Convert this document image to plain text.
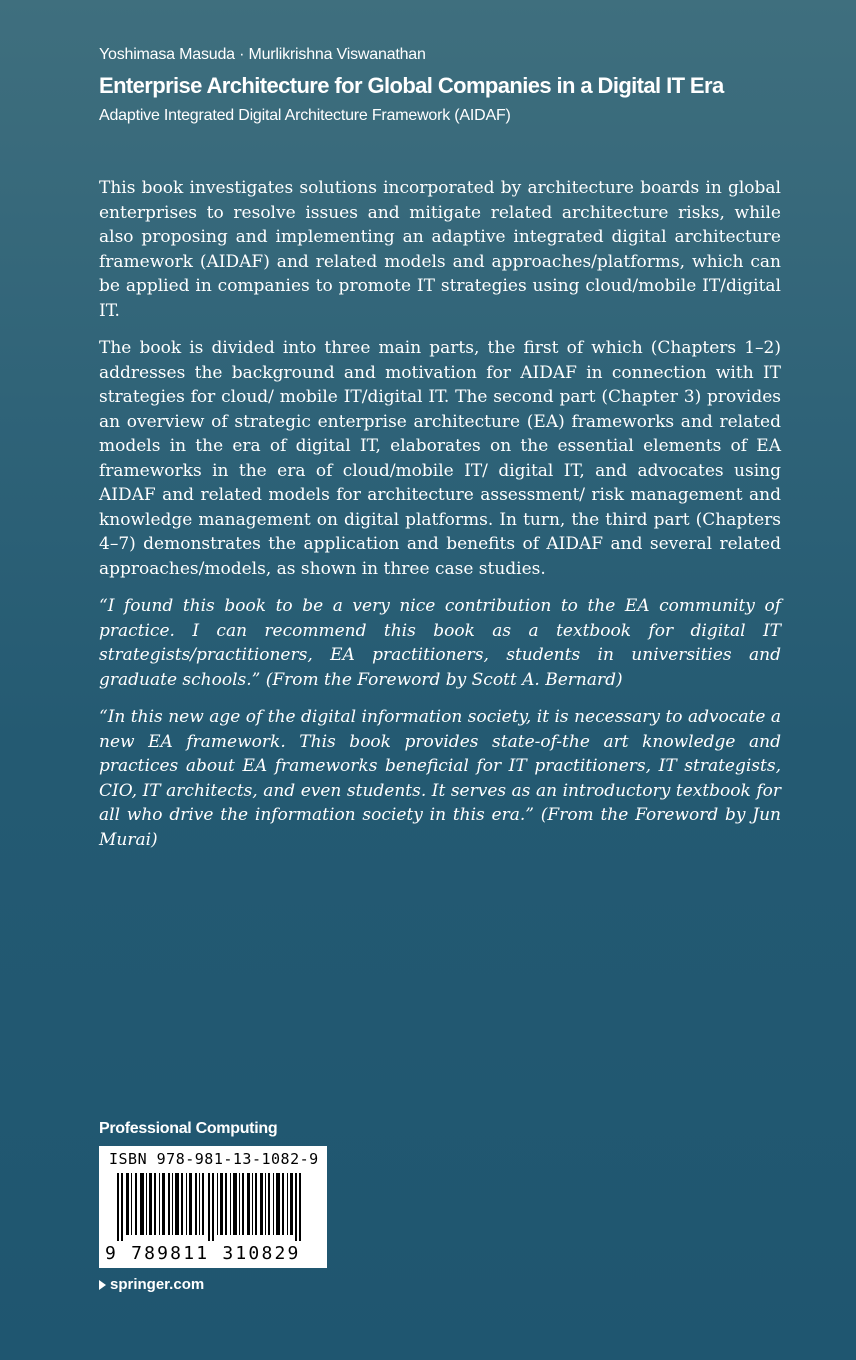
Yoshimasa Masuda · Murlikrishna Viswanathan
Enterprise Architecture for Global Companies in a Digital IT Era
Adaptive Integrated Digital Architecture Framework (AIDAF)

This book investigates solutions incorporated by architecture boards in global enterprises to resolve issues and mitigate related architecture risks, while also proposing and implementing an adaptive integrated digital architecture framework (AIDAF) and related models and approaches/platforms, which can be applied in companies to promote IT strategies using cloud/mobile IT/digital IT.

The book is divided into three main parts, the first of which (Chapters 1–2) addresses the background and motivation for AIDAF in connection with IT strategies for cloud/ mobile IT/digital IT. The second part (Chapter 3) provides an overview of strategic enterprise architecture (EA) frameworks and related models in the era of digital IT, elaborates on the essential elements of EA frameworks in the era of cloud/mobile IT/ digital IT, and advocates using AIDAF and related models for architecture assessment/ risk management and knowledge management on digital platforms. In turn, the third part (Chapters 4–7) demonstrates the application and benefits of AIDAF and several related approaches/models, as shown in three case studies.

“I found this book to be a very nice contribution to the EA community of practice. I can recommend this book as a textbook for digital IT strategists/practitioners, EA practitioners, students in universities and graduate schools.” (From the Foreword by Scott A. Bernard)

“In this new age of the digital information society, it is necessary to advocate a new EA framework. This book provides state-of-the art knowledge and practices about EA frameworks beneficial for IT practitioners, IT strategists, CIO, IT architects, and even students. It serves as an introductory textbook for all who drive the information society in this era.” (From the Foreword by Jun Murai)

Professional Computing
ISBN 978-981-13-1082-9
9 789811 310829
springer.com
